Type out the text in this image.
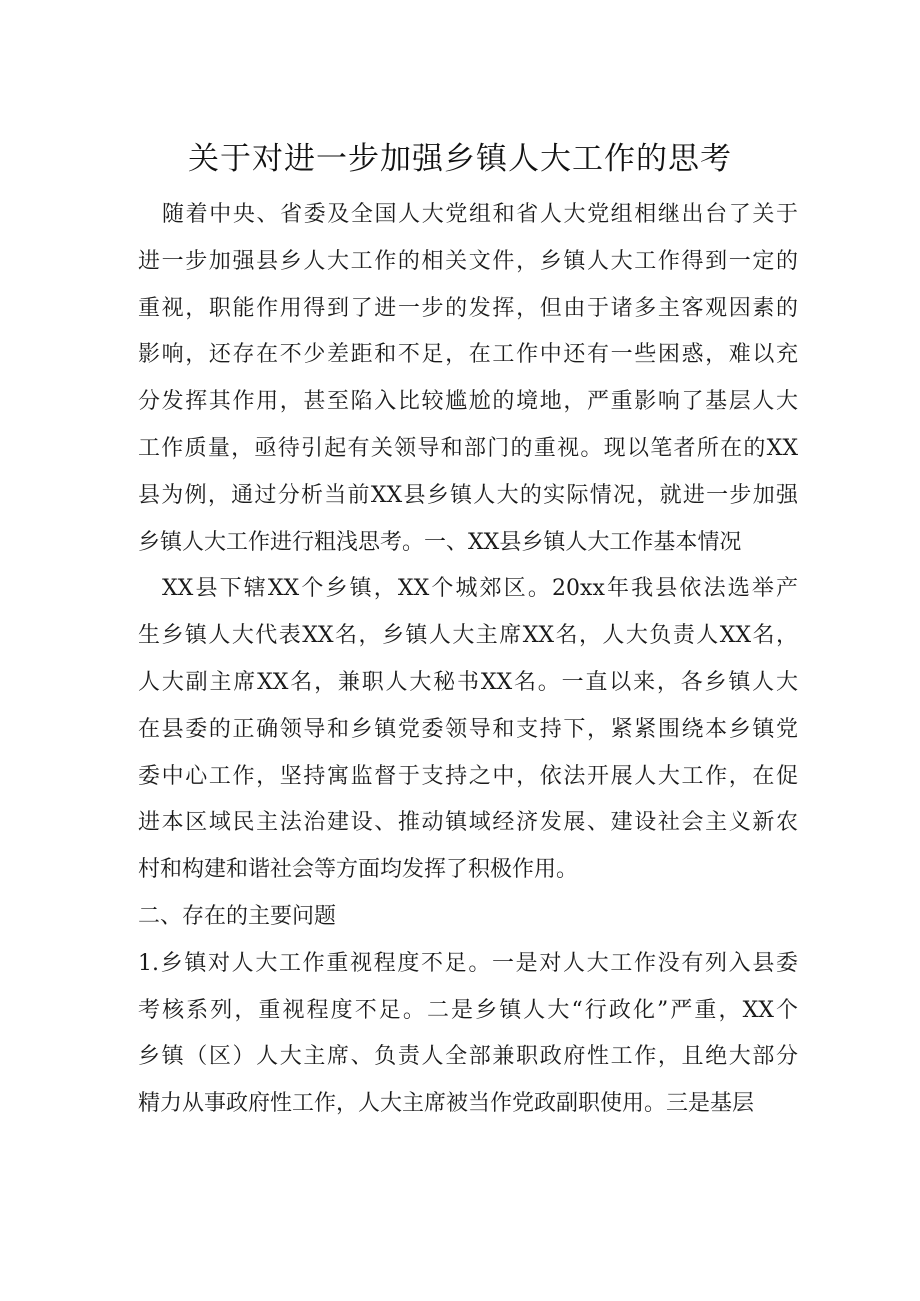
关于对进一步加强乡镇人大工作的思考
随着中央、省委及全国人大党组和省人大党组相继出台了关于
进一步加强县乡人大工作的相关文件，乡镇人大工作得到一定的
重视，职能作用得到了进一步的发挥，但由于诸多主客观因素的
影响，还存在不少差距和不足，在工作中还有一些困惑，难以充
分发挥其作用，甚至陷入比较尴尬的境地，严重影响了基层人大
工作质量，亟待引起有关领导和部门的重视。现以笔者所在的XX
县为例，通过分析当前XX县乡镇人大的实际情况，就进一步加强
乡镇人大工作进行粗浅思考。一、XX县乡镇人大工作基本情况
XX县下辖XX个乡镇，XX个城郊区。20xx年我县依法选举产
生乡镇人大代表XX名，乡镇人大主席XX名，人大负责人XX名，
人大副主席XX名，兼职人大秘书XX名。一直以来，各乡镇人大
在县委的正确领导和乡镇党委领导和支持下，紧紧围绕本乡镇党
委中心工作，坚持寓监督于支持之中，依法开展人大工作，在促
进本区域民主法治建设、推动镇域经济发展、建设社会主义新农
村和构建和谐社会等方面均发挥了积极作用。
二、存在的主要问题
1.乡镇对人大工作重视程度不足。一是对人大工作没有列入县委
考核系列，重视程度不足。二是乡镇人大“行政化”严重，XX个
乡镇（区）人大主席、负责人全部兼职政府性工作，且绝大部分
精力从事政府性工作，人大主席被当作党政副职使用。三是基层
